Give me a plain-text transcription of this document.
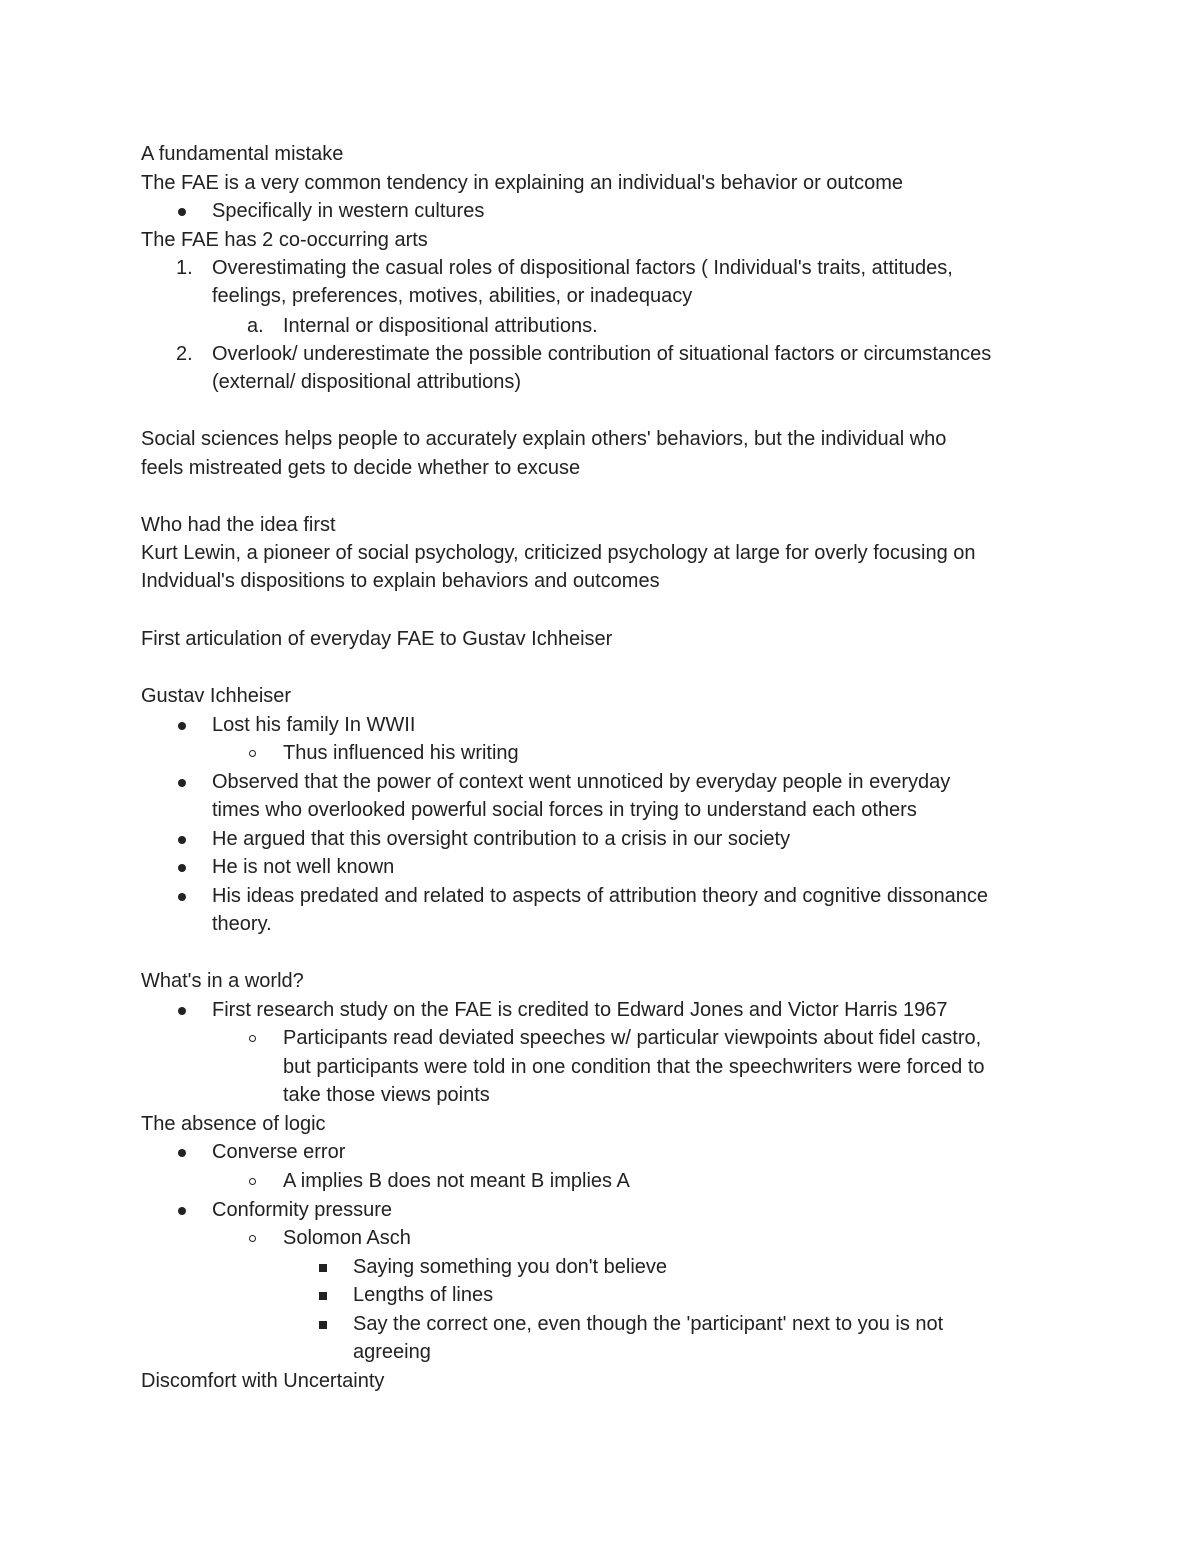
A fundamental mistake
The FAE is a very common tendency in explaining an individual's behavior or outcome
Specifically in western cultures
The FAE has 2 co-occurring arts
1. Overestimating the casual roles of dispositional factors ( Individual's traits, attitudes,
feelings, preferences, motives, abilities, or inadequacy
a. Internal or dispositional attributions.
2. Overlook/ underestimate the possible contribution of situational factors or circumstances
(external/ dispositional attributions)
Social sciences helps people to accurately explain others' behaviors, but the individual who
feels mistreated gets to decide whether to excuse
Who had the idea first
Kurt Lewin, a pioneer of social psychology, criticized psychology at large for overly focusing on
Indvidual's dispositions to explain behaviors and outcomes
First articulation of everyday FAE to Gustav Ichheiser
Gustav Ichheiser
Lost his family In WWII
Thus influenced his writing
Observed that the power of context went unnoticed by everyday people in everyday
times who overlooked powerful social forces in trying to understand each others
He argued that this oversight contribution to a crisis in our society
He is not well known
His ideas predated and related to aspects of attribution theory and cognitive dissonance
theory.
What's in a world?
First research study on the FAE is credited to Edward Jones and Victor Harris 1967
Participants read deviated speeches w/ particular viewpoints about fidel castro,
but participants were told in one condition that the speechwriters were forced to
take those views points
The absence of logic
Converse error
A implies B does not meant B implies A
Conformity pressure
Solomon Asch
Saying something you don't believe
Lengths of lines
Say the correct one, even though the 'participant' next to you is not
agreeing
Discomfort with Uncertainty
